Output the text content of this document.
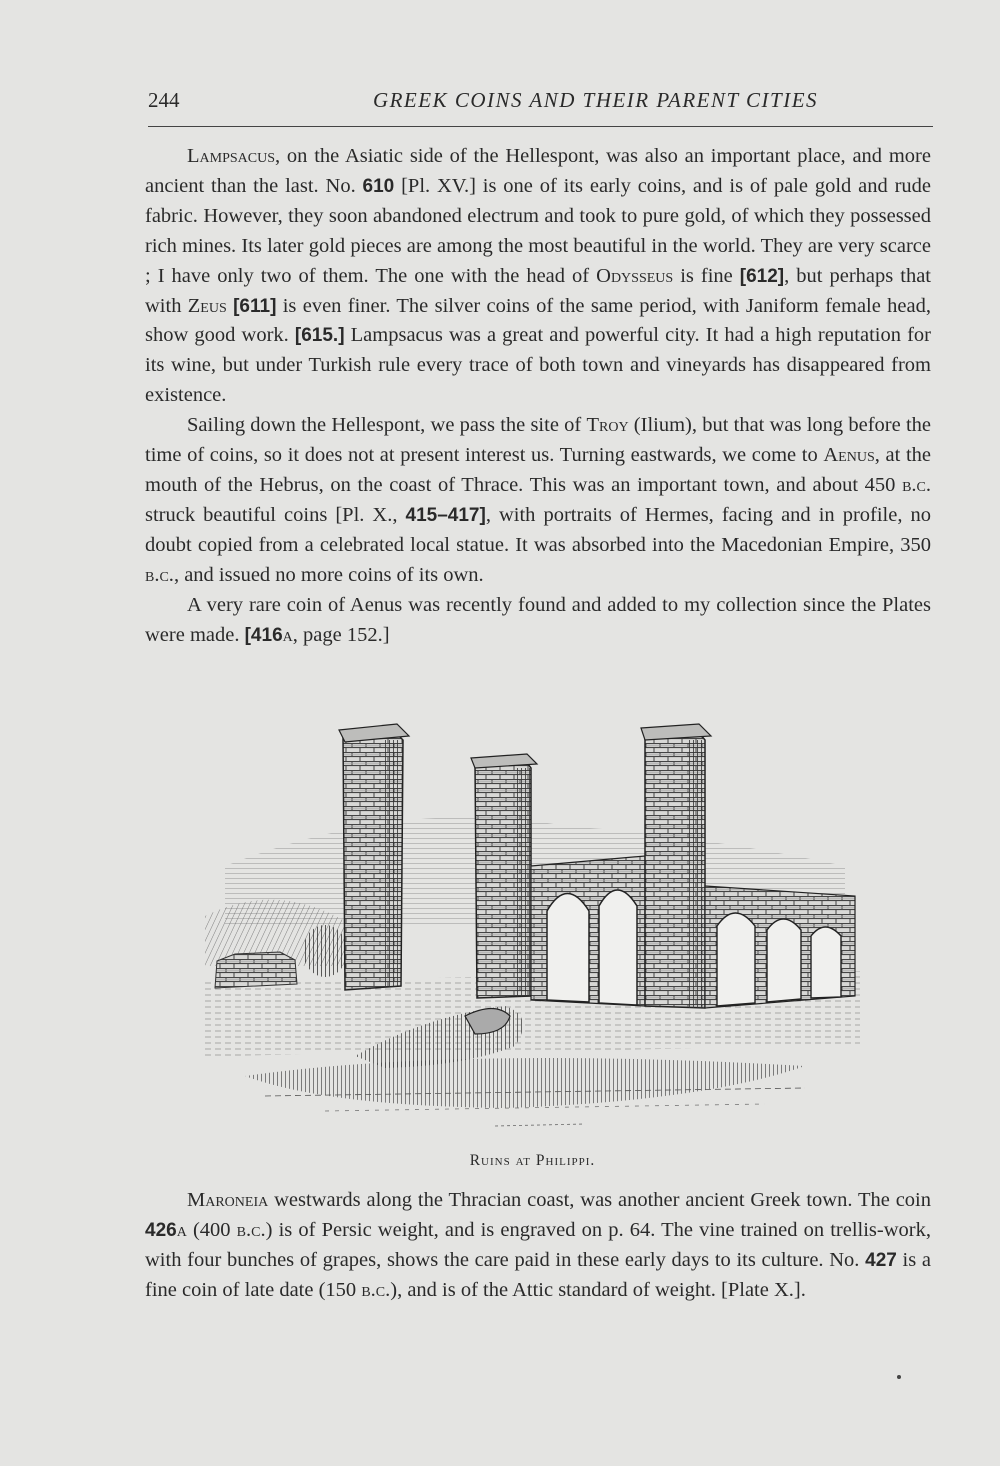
244	GREEK COINS AND THEIR PARENT CITIES

Lampsacus, on the Asiatic side of the Hellespont, was also an important place, and more ancient than the last. No. 610 [Pl. XV.] is one of its early coins, and is of pale gold and rude fabric. However, they soon abandoned electrum and took to pure gold, of which they possessed rich mines. Its later gold pieces are among the most beautiful in the world. They are very scarce ; I have only two of them. The one with the head of Odysseus is fine [612], but perhaps that with Zeus [611] is even finer. The silver coins of the same period, with Janiform female head, show good work. [615.] Lampsacus was a great and powerful city. It had a high reputation for its wine, but under Turkish rule every trace of both town and vineyards has disappeared from existence.

Sailing down the Hellespont, we pass the site of Troy (Ilium), but that was long before the time of coins, so it does not at present interest us. Turning eastwards, we come to Aenus, at the mouth of the Hebrus, on the coast of Thrace. This was an important town, and about 450 b.c. struck beautiful coins [Pl. X., 415–417], with portraits of Hermes, facing and in profile, no doubt copied from a celebrated local statue. It was absorbed into the Macedonian Empire, 350 b.c., and issued no more coins of its own.

A very rare coin of Aenus was recently found and added to my collection since the Plates were made. [416a, page 152.]

Ruins at Philippi.

Maroneia westwards along the Thracian coast, was another ancient Greek town. The coin 426a (400 b.c.) is of Persic weight, and is engraved on p. 64. The vine trained on trellis-work, with four bunches of grapes, shows the care paid in these early days to its culture. No. 427 is a fine coin of late date (150 b.c.), and is of the Attic standard of weight. [Plate X.].
